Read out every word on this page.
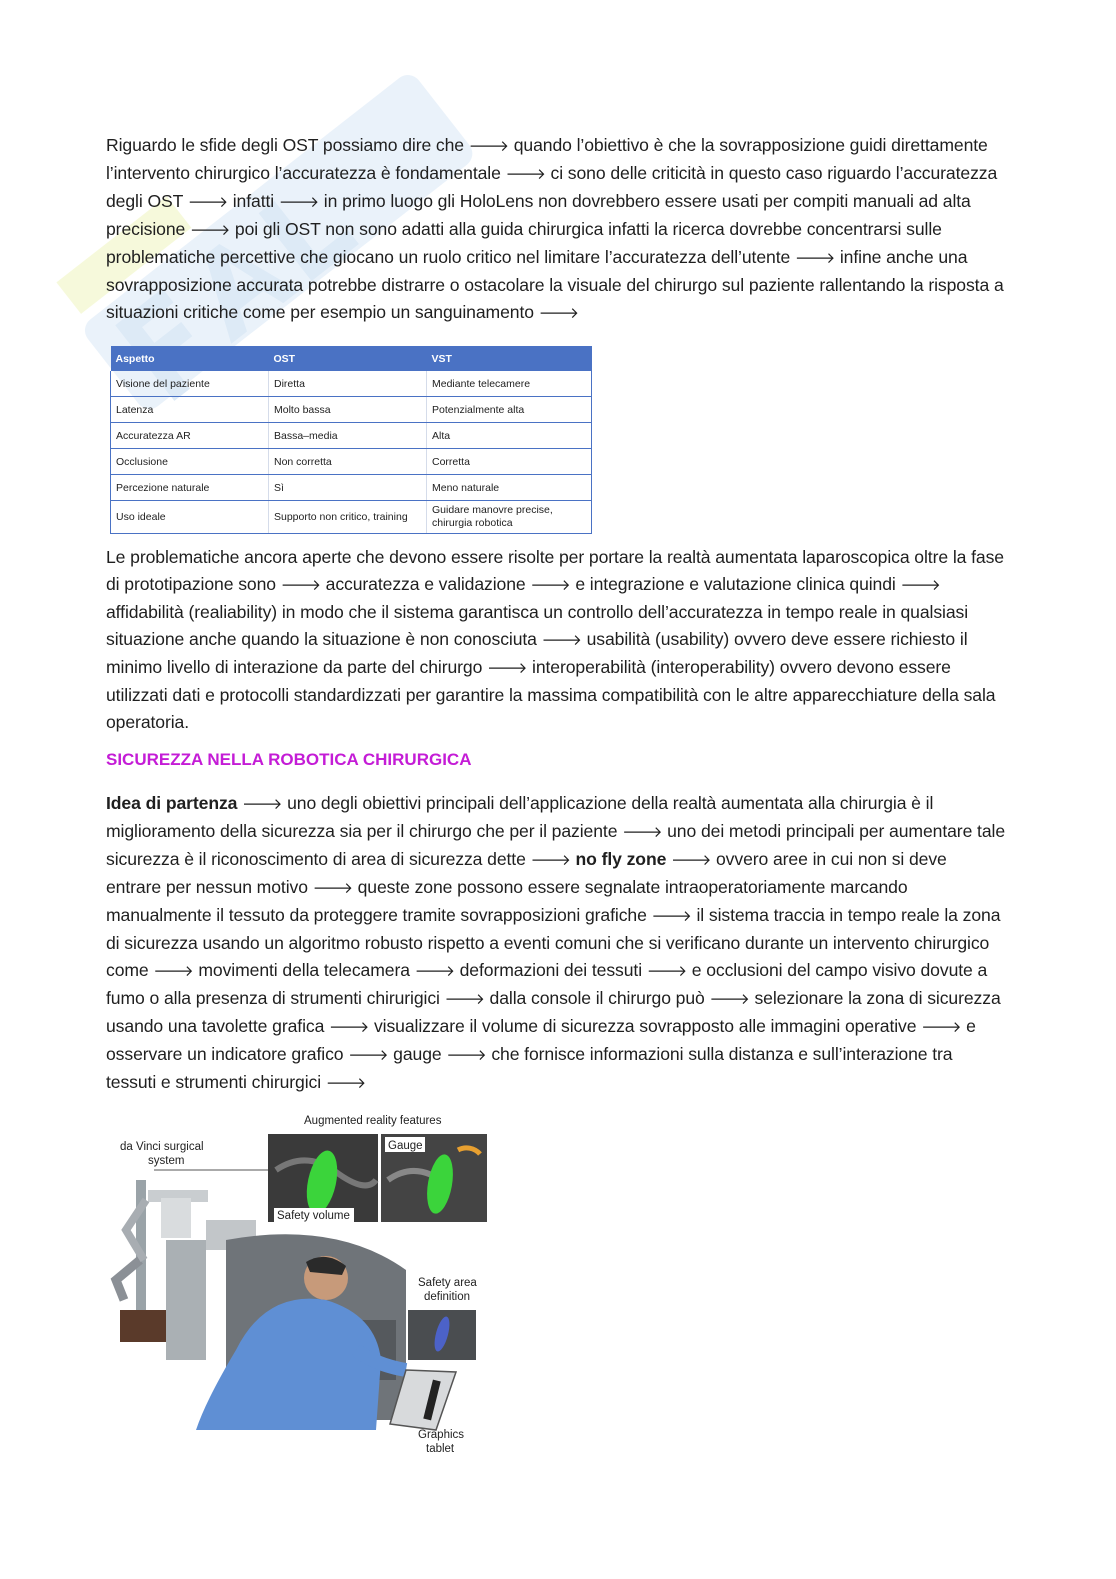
Riguardo le sfide degli OST possiamo dire che 🡒 quando l’obiettivo è che la sovrapposizione guidi direttamente l’intervento chirurgico l’accuratezza è fondamentale 🡒 ci sono delle criticità in questo caso riguardo l’accuratezza degli OST 🡒 infatti 🡒 in primo luogo gli HoloLens non dovrebbero essere usati per compiti manuali ad alta precisione 🡒 poi gli OST non sono adatti alla guida chirurgica infatti la ricerca dovrebbe concentrarsi sulle problematiche percettive che giocano un ruolo critico nel limitare l’accuratezza dell’utente 🡒 infine anche una sovrapposizione accurata potrebbe distrarre o ostacolare la visuale del chirurgo sul paziente rallentando la risposta a situazioni critiche come per esempio un sanguinamento 🡒

Aspetto	OST	VST
Visione del paziente	Diretta	Mediante telecamere
Latenza	Molto bassa	Potenzialmente alta
Accuratezza AR	Bassa–media	Alta
Occlusione	Non corretta	Corretta
Percezione naturale	Sì	Meno naturale
Uso ideale	Supporto non critico, training	Guidare manovre precise, chirurgia robotica

Le problematiche ancora aperte che devono essere risolte per portare la realtà aumentata laparoscopica oltre la fase di prototipazione sono 🡒 accuratezza e validazione 🡒 e integrazione e valutazione clinica quindi 🡒 affidabilità (realiability) in modo che il sistema garantisca un controllo dell’accuratezza in tempo reale in qualsiasi situazione anche quando la situazione è non conosciuta 🡒 usabilità (usability) ovvero deve essere richiesto il minimo livello di interazione da parte del chirurgo 🡒 interoperabilità (interoperability) ovvero devono essere utilizzati dati e protocolli standardizzati per garantire la massima compatibilità con le altre apparecchiature della sala operatoria.

SICUREZZA NELLA ROBOTICA CHIRURGICA

Idea di partenza 🡒 uno degli obiettivi principali dell’applicazione della realtà aumentata alla chirurgia è il miglioramento della sicurezza sia per il chirurgo che per il paziente 🡒 uno dei metodi principali per aumentare tale sicurezza è il riconoscimento di area di sicurezza dette 🡒 no fly zone 🡒 ovvero aree in cui non si deve entrare per nessun motivo 🡒 queste zone possono essere segnalate intraoperatoriamente marcando manualmente il tessuto da proteggere tramite sovrapposizioni grafiche 🡒 il sistema traccia in tempo reale la zona di sicurezza usando un algoritmo robusto rispetto a eventi comuni che si verificano durante un intervento chirurgico come 🡒 movimenti della telecamera 🡒 deformazioni dei tessuti 🡒 e occlusioni del campo visivo dovute a fumo o alla presenza di strumenti chirurigici 🡒 dalla console il chirurgo può 🡒 selezionare la zona di sicurezza usando una tavolette grafica 🡒 visualizzare il volume di sicurezza sovrapposto alle immagini operative 🡒 e osservare un indicatore grafico 🡒 gauge 🡒 che fornisce informazioni sulla distanza e sull’interazione tra tessuti e strumenti chirurgici 🡒

Augmented reality features
Safety volume
Gauge
da Vinci surgical
system
Safety area
definition
Graphics
tablet
